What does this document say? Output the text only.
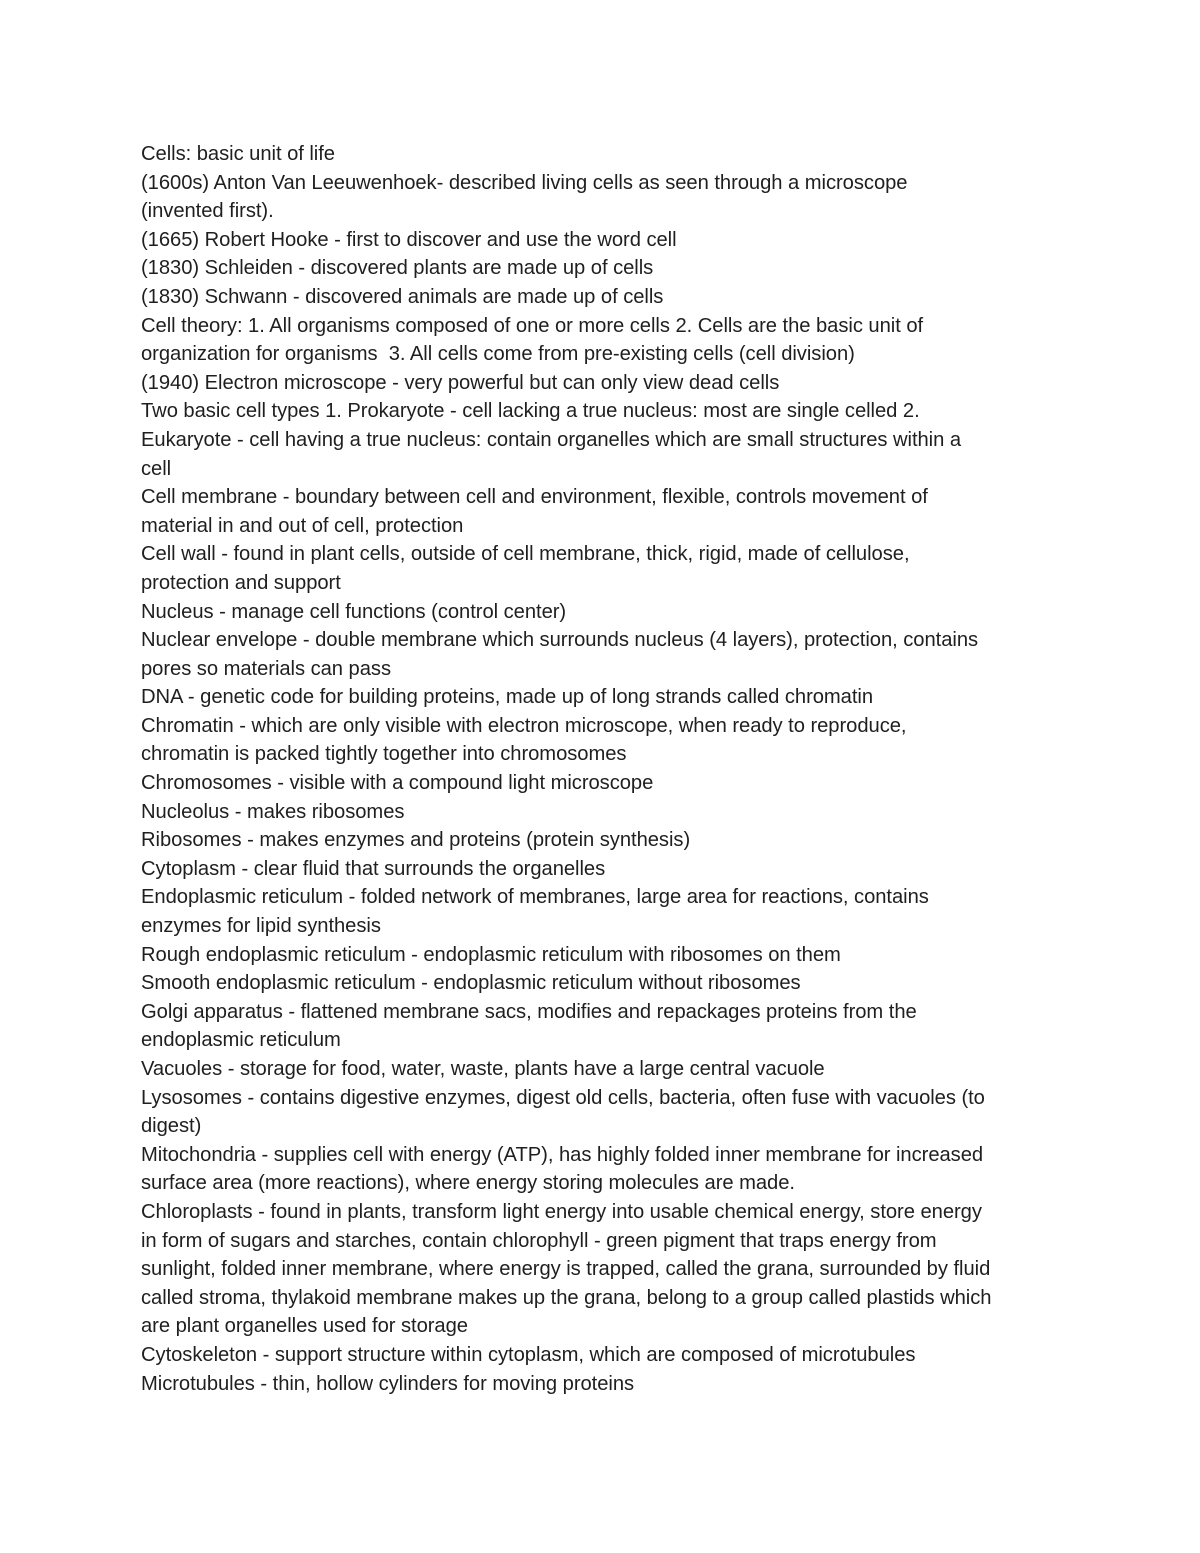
Cells: basic unit of life
(1600s) Anton Van Leeuwenhoek- described living cells as seen through a microscope
(invented first).
(1665) Robert Hooke - first to discover and use the word cell
(1830) Schleiden - discovered plants are made up of cells
(1830) Schwann - discovered animals are made up of cells
Cell theory: 1. All organisms composed of one or more cells 2. Cells are the basic unit of
organization for organisms  3. All cells come from pre-existing cells (cell division)
(1940) Electron microscope - very powerful but can only view dead cells
Two basic cell types 1. Prokaryote - cell lacking a true nucleus: most are single celled 2.
Eukaryote - cell having a true nucleus: contain organelles which are small structures within a
cell
Cell membrane - boundary between cell and environment, flexible, controls movement of
material in and out of cell, protection
Cell wall - found in plant cells, outside of cell membrane, thick, rigid, made of cellulose,
protection and support
Nucleus - manage cell functions (control center)
Nuclear envelope - double membrane which surrounds nucleus (4 layers), protection, contains
pores so materials can pass
DNA - genetic code for building proteins, made up of long strands called chromatin
Chromatin - which are only visible with electron microscope, when ready to reproduce,
chromatin is packed tightly together into chromosomes
Chromosomes - visible with a compound light microscope
Nucleolus - makes ribosomes
Ribosomes - makes enzymes and proteins (protein synthesis)
Cytoplasm - clear fluid that surrounds the organelles
Endoplasmic reticulum - folded network of membranes, large area for reactions, contains
enzymes for lipid synthesis
Rough endoplasmic reticulum - endoplasmic reticulum with ribosomes on them
Smooth endoplasmic reticulum - endoplasmic reticulum without ribosomes
Golgi apparatus - flattened membrane sacs, modifies and repackages proteins from the
endoplasmic reticulum
Vacuoles - storage for food, water, waste, plants have a large central vacuole
Lysosomes - contains digestive enzymes, digest old cells, bacteria, often fuse with vacuoles (to
digest)
Mitochondria - supplies cell with energy (ATP), has highly folded inner membrane for increased
surface area (more reactions), where energy storing molecules are made.
Chloroplasts - found in plants, transform light energy into usable chemical energy, store energy
in form of sugars and starches, contain chlorophyll - green pigment that traps energy from
sunlight, folded inner membrane, where energy is trapped, called the grana, surrounded by fluid
called stroma, thylakoid membrane makes up the grana, belong to a group called plastids which
are plant organelles used for storage
Cytoskeleton - support structure within cytoplasm, which are composed of microtubules
Microtubules - thin, hollow cylinders for moving proteins
